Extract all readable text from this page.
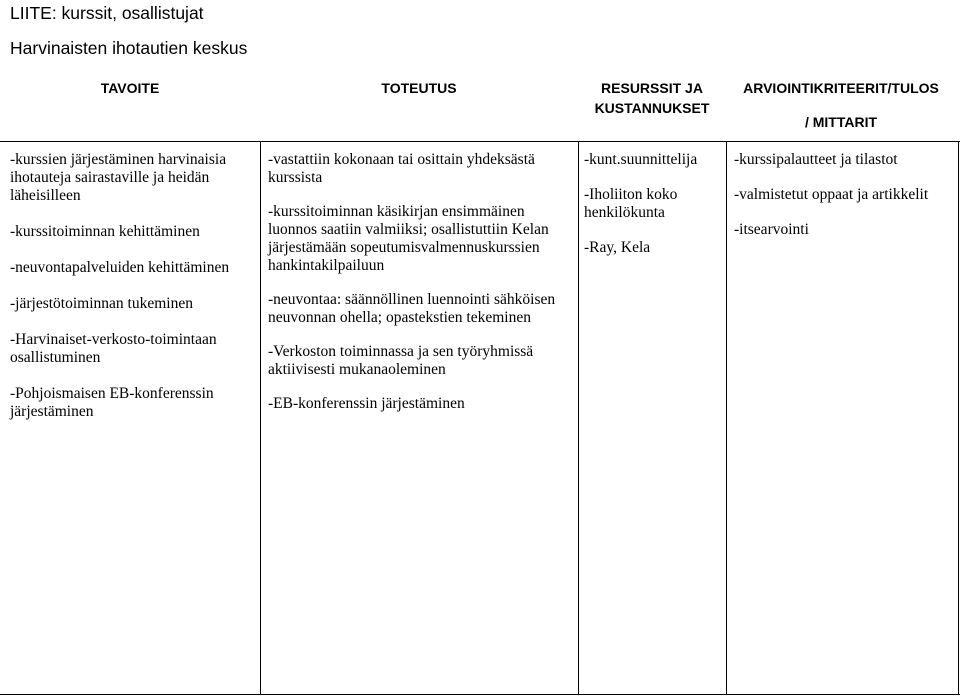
LIITE: kurssit, osallistujat
Harvinaisten ihotautien keskus
TAVOITE	TOTEUTUS	RESURSSIT JA
KUSTANNUKSET
ARVIOINTIKRITEERIT/TULOS
/ MITTARIT

-kurssien järjestäminen harvinaisia ihotauteja sairastaville ja heidän läheisilleen

-kurssitoiminnan kehittäminen

-neuvontapalveluiden kehittäminen

-järjestötoiminnan tukeminen

-Harvinaiset-verkosto-toimintaan osallistuminen

-Pohjoismaisen EB-konferenssin järjestäminen

-vastattiin kokonaan tai osittain yhdeksästä kurssista

-kurssitoiminnan käsikirjan ensimmäinen luonnos saatiin valmiiksi; osallistuttiin Kelan järjestämään sopeutumisvalmennuskurssien hankintakilpailuun

-neuvontaa: säännöllinen luennointi sähköisen neuvonnan ohella; opastekstien tekeminen

-Verkoston toiminnassa ja sen työryhmissä aktiivisesti mukanaoleminen

-EB-konferenssin järjestäminen

-kunt.suunnittelija

-Iholiiton koko henkilökunta

-Ray, Kela

-kurssipalautteet ja tilastot

-valmistetut oppaat ja artikkelit

-itsearvointi
